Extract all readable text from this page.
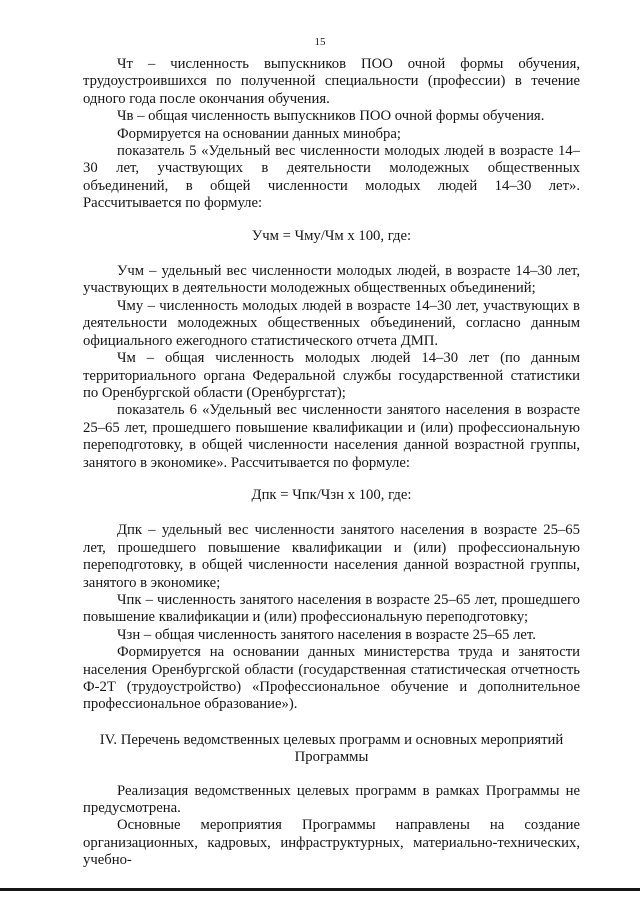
15

Чт – численность выпускников ПОО очной формы обучения, трудоустроившихся по полученной специальности (профессии) в течение одного года после окончания обучения.

Чв – общая численность выпускников ПОО очной формы обучения.

Формируется на основании данных минобра;

показатель 5 «Удельный вес численности молодых людей в возрасте 14–30 лет, участвующих в деятельности молодежных общественных объединений, в общей численности молодых людей 14–30 лет». Рассчитывается по формуле:

Учм = Чму/Чм х 100, где:

Учм – удельный вес численности молодых людей, в возрасте 14–30 лет, участвующих в деятельности молодежных общественных объединений;

Чму – численность молодых людей в возрасте 14–30 лет, участвующих в деятельности молодежных общественных объединений, согласно данным официального ежегодного статистического отчета ДМП.

Чм – общая численность молодых людей 14–30 лет (по данным территориального органа Федеральной службы государственной статистики по Оренбургской области (Оренбургстат);

показатель 6 «Удельный вес численности занятого населения в возрасте 25–65 лет, прошедшего повышение квалификации и (или) профессиональную переподготовку, в общей численности населения данной возрастной группы, занятого в экономике». Рассчитывается по формуле:

Дпк = Чпк/Чзн х 100, где:

Дпк – удельный вес численности занятого населения в возрасте 25–65 лет, прошедшего повышение квалификации и (или) профессиональную переподготовку, в общей численности населения данной возрастной группы, занятого в экономике;

Чпк – численность занятого населения в возрасте 25–65 лет, прошедшего повышение квалификации и (или) профессиональную переподготовку;

Чзн – общая численность занятого населения в возрасте 25–65 лет.

Формируется на основании данных министерства труда и занятости населения Оренбургской области (государственная статистическая отчетность Ф-2Т (трудоустройство) «Профессиональное обучение и дополнительное профессиональное образование»).

IV. Перечень ведомственных целевых программ и основных мероприятий
Программы

Реализация ведомственных целевых программ в рамках Программы не предусмотрена.

Основные мероприятия Программы направлены на создание организационных, кадровых, инфраструктурных, материально-технических, учебно-
